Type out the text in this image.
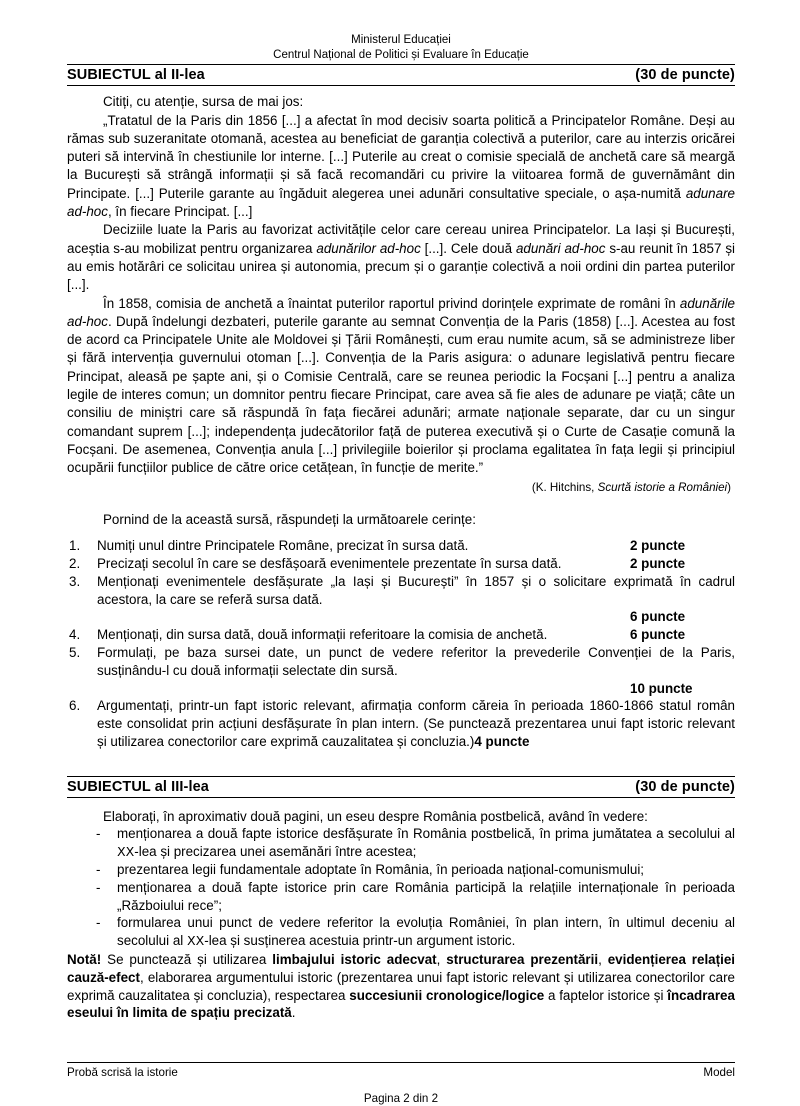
Ministerul Educației
Centrul Național de Politici și Evaluare în Educație
SUBIECTUL al II-lea	(30 de puncte)
Citiți, cu atenție, sursa de mai jos:

„Tratatul de la Paris din 1856 [...] a afectat în mod decisiv soarta politică a Principatelor Române. Deși au rămas sub suzeranitate otomană, acestea au beneficiat de garanția colectivă a puterilor, care au interzis oricărei puteri să intervină în chestiunile lor interne. [...] Puterile au creat o comisie specială de anchetă care să meargă la București să strângă informații și să facă recomandări cu privire la viitoarea formă de guvernământ din Principate. [...] Puterile garante au îngăduit alegerea unei adunări consultative speciale, o așa-numită adunare ad-hoc, în fiecare Principat. [...]

Deciziile luate la Paris au favorizat activitățile celor care cereau unirea Principatelor. La Iași și București, aceștia s-au mobilizat pentru organizarea adunărilor ad-hoc [...]. Cele două adunări ad-hoc s-au reunit în 1857 și au emis hotărâri ce solicitau unirea și autonomia, precum și o garanție colectivă a noii ordini din partea puterilor [...].

În 1858, comisia de anchetă a înaintat puterilor raportul privind dorințele exprimate de români în adunările ad-hoc. După îndelungi dezbateri, puterile garante au semnat Convenția de la Paris (1858) [...]. Acestea au fost de acord ca Principatele Unite ale Moldovei și Țării Românești, cum erau numite acum, să se administreze liber și fără intervenția guvernului otoman [...]. Convenția de la Paris asigura: o adunare legislativă pentru fiecare Principat, aleasă pe șapte ani, și o Comisie Centrală, care se reunea periodic la Focșani [...] pentru a analiza legile de interes comun; un domnitor pentru fiecare Principat, care avea să fie ales de adunare pe viață; câte un consiliu de miniștri care să răspundă în fața fiecărei adunări; armate naționale separate, dar cu un singur comandant suprem [...]; independența judecătorilor față de puterea executivă și o Curte de Casație comună la Focșani. De asemenea, Convenția anula [...] privilegiile boierilor și proclama egalitatea în fața legii și principiul ocupării funcțiilor publice de către orice cetățean, în funcție de merite.”

(K. Hitchins, Scurtă istorie a României)
Pornind de la această sursă, răspundeți la următoarele cerințe:
1.	Numiți unul dintre Principatele Române, precizat în sursa dată.	2 puncte
2.	Precizați secolul în care se desfășoară evenimentele prezentate în sursa dată.	2 puncte
3.	Menționați evenimentele desfășurate „la Iași și București” în 1857 și o solicitare exprimată în cadrul acestora, la care se referă sursa dată.
6 puncte
4.	Menționați, din sursa dată, două informații referitoare la comisia de anchetă.	6 puncte
5.	Formulați, pe baza sursei date, un punct de vedere referitor la prevederile Convenției de la Paris, susținându-l cu două informații selectate din sursă.
10 puncte
6.	Argumentați, printr-un fapt istoric relevant, afirmația conform căreia în perioada 1860-1866 statul român este consolidat prin acțiuni desfășurate în plan intern. (Se punctează prezentarea unui fapt istoric relevant și utilizarea conectorilor care exprimă cauzalitatea și concluzia.)4 puncte
SUBIECTUL al III-lea	(30 de puncte)
Elaborați, în aproximativ două pagini, un eseu despre România postbelică, având în vedere:
- menționarea a două fapte istorice desfășurate în România postbelică, în prima jumătatea a secolului al XX-lea și precizarea unei asemănări între acestea;
- prezentarea legii fundamentale adoptate în România, în perioada național-comunismului;
- menționarea a două fapte istorice prin care România participă la relațiile internaționale în perioada „Războiului rece”;
- formularea unui punct de vedere referitor la evoluția României, în plan intern, în ultimul deceniu al secolului al XX-lea și susținerea acestuia printr-un argument istoric.
Notă! Se punctează și utilizarea limbajului istoric adecvat, structurarea prezentării, evidențierea relației cauză-efect, elaborarea argumentului istoric (prezentarea unui fapt istoric relevant și utilizarea conectorilor care exprimă cauzalitatea și concluzia), respectarea succesiunii cronologice/logice a faptelor istorice și încadrarea eseului în limita de spațiu precizată.
Probă scrisă la istorie	Model
Pagina 2 din 2
